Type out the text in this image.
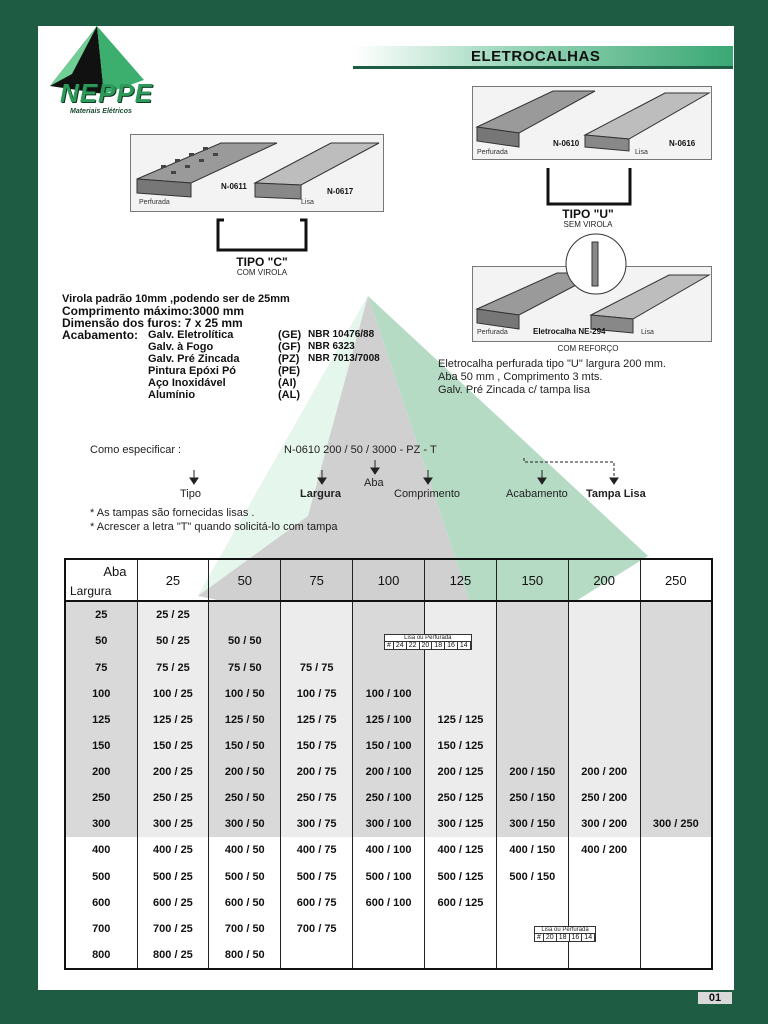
NEPPE
Materiais Elétricos
ELETROCALHAS
N-0611
N-0617
Perfurada	Lisa
TIPO "C"
COM VIROLA
N-0610	N-0616
Perfurada	Lisa
TIPO "U"
SEM VIROLA
Eletrocalha NE-294
Perfurada	Lisa
COM REFORÇO
Virola padrão 10mm ,podendo ser de 25mm
Comprimento máximo:3000 mm
Dimensão dos furos: 7 x 25 mm
Acabamento: Galv. Eletrolítica	(GE) NBR 10476/88
Galv. à Fogo	(GF) NBR 6323
Galv. Pré Zincada	(PZ) NBR 7013/7008
Pintura Epóxi Pó	(PE)
Aço Inoxidável	(AI)
Alumínio	(AL)
Eletrocalha perfurada tipo "U" largura 200 mm.
Aba 50 mm , Comprimento 3 mts.
Galv. Pré Zincada c/ tampa lisa
Como especificar :	N-0610 200 / 50 / 3000 - PZ - T
Tipo	Largura
Aba
Comprimento	Acabamento Tampa Lisa
* As tampas são fornecidas lisas .
* Acrescer a letra "T" quando solicitá-lo com tampa
Aba
Largura	25	50	75	100	125	150	200	250
25	25 / 25							
50	50 / 25	50 / 50						
75	75 / 25	75 / 50	75 / 75					
100	100 / 25	100 / 50	100 / 75	100 / 100				
125	125 / 25	125 / 50	125 / 75	125 / 100	125 / 125			
150	150 / 25	150 / 50	150 / 75	150 / 100	150 / 125			
200	200 / 25	200 / 50	200 / 75	200 / 100	200 / 125	200 / 150	200 / 200	
250	250 / 25	250 / 50	250 / 75	250 / 100	250 / 125	250 / 150	250 / 200	
300	300 / 25	300 / 50	300 / 75	300 / 100	300 / 125	300 / 150	300 / 200	300 / 250
400	400 / 25	400 / 50	400 / 75	400 / 100	400 / 125	400 / 150	400 / 200	
500	500 / 25	500 / 50	500 / 75	500 / 100	500 / 125	500 / 150		
600	600 / 25	600 / 50	600 / 75	600 / 100	600 / 125			
700	700 / 25	700 / 50	700 / 75					
800	800 / 25	800 / 50						
Lisa ou Perfurada
# 24 22 20 18 16 14
Lisa ou Perfurada
# 20 18 16 14
01
